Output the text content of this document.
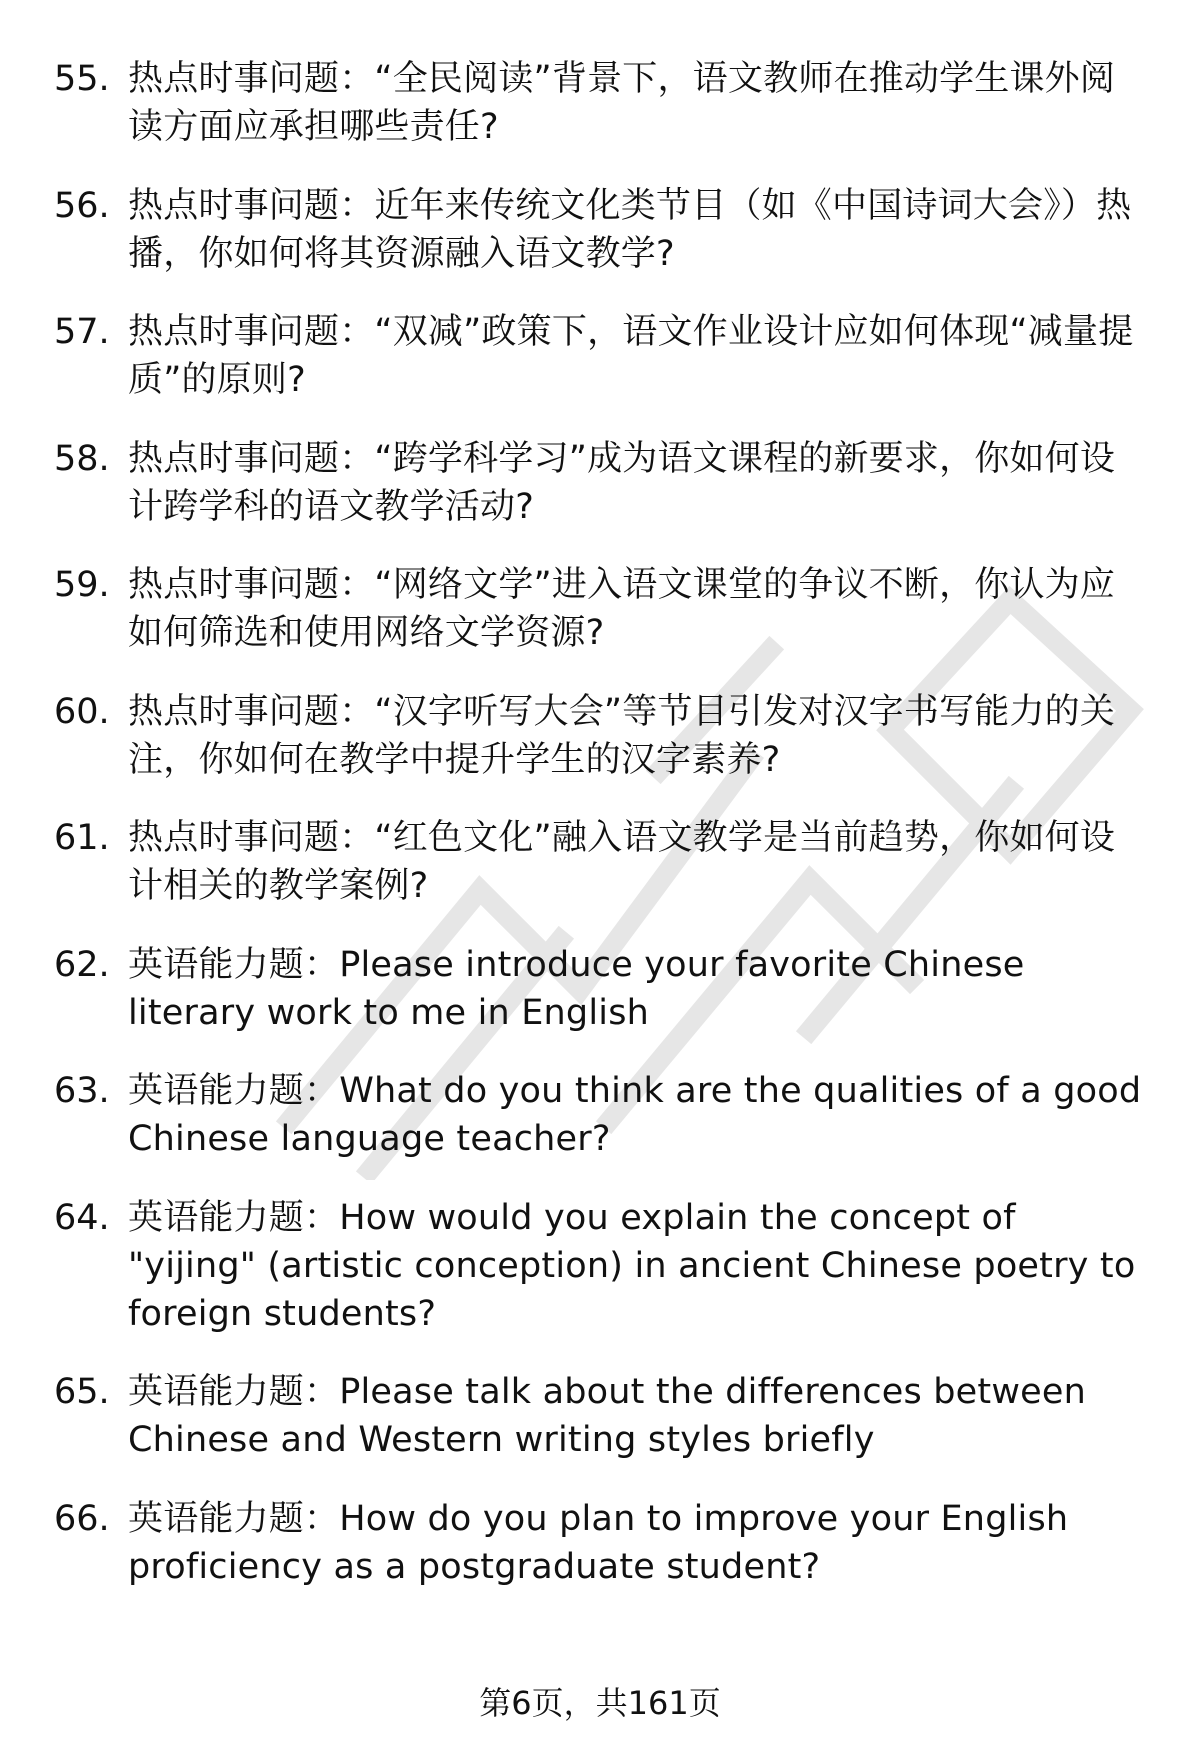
55. 热点时事问题：“全民阅读”背景下，语文教师在推动学生课外阅读方面应承担哪些责任?
56. 热点时事问题：近年来传统文化类节目（如《中国诗词大会》）热播，你如何将其资源融入语文教学?
57. 热点时事问题：“双减”政策下，语文作业设计应如何体现“减量提质”的原则?
58. 热点时事问题：“跨学科学习”成为语文课程的新要求，你如何设计跨学科的语文教学活动?
59. 热点时事问题：“网络文学”进入语文课堂的争议不断，你认为应如何筛选和使用网络文学资源?
60. 热点时事问题：“汉字听写大会”等节目引发对汉字书写能力的关注，你如何在教学中提升学生的汉字素养?
61. 热点时事问题：“红色文化”融入语文教学是当前趋势，你如何设计相关的教学案例?
62. 英语能力题：Please introduce your favorite Chinese literary work to me in English
63. 英语能力题：What do you think are the qualities of a good Chinese language teacher?
64. 英语能力题：How would you explain the concept of "yijing" (artistic conception) in ancient Chinese poetry to foreign students?
65. 英语能力题：Please talk about the differences between Chinese and Western writing styles briefly
66. 英语能力题：How do you plan to improve your English proficiency as a postgraduate student?
第6页，共161页
